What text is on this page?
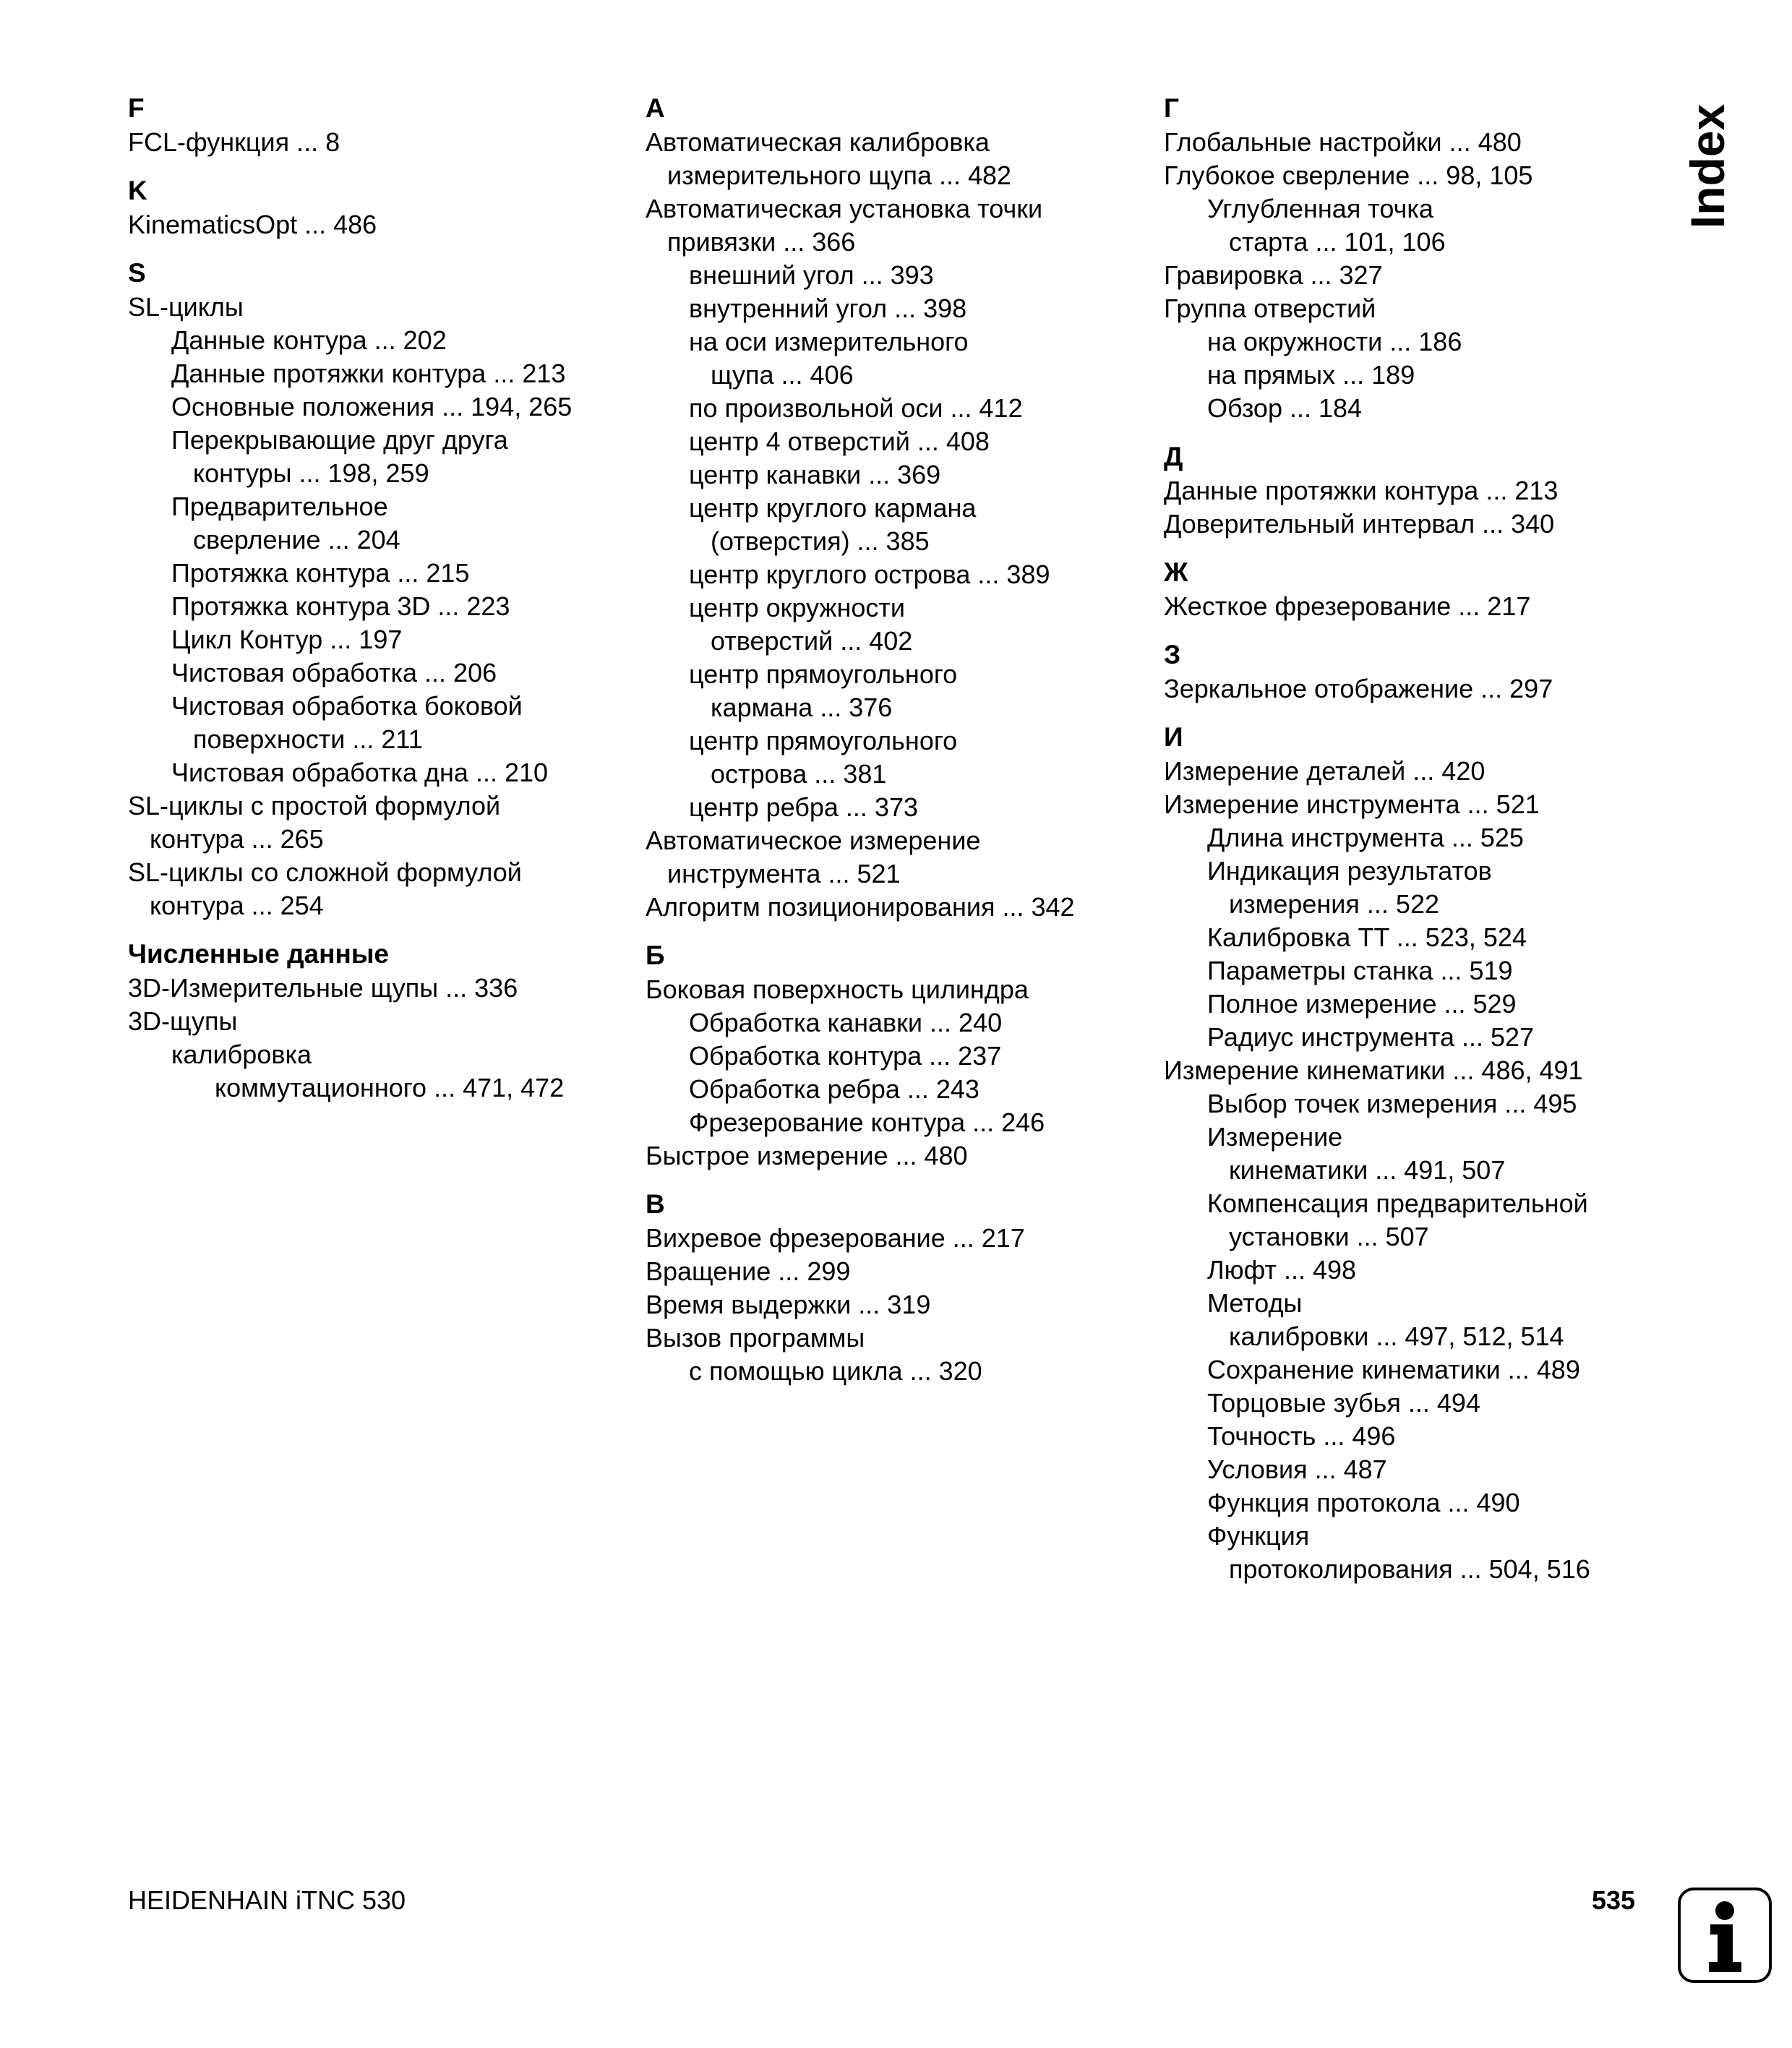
F
FCL-функция ... 8
K
KinematicsOpt ... 486
S
SL-циклы
Данные контура ... 202
Данные протяжки контура ... 213
Основные положения ... 194, 265
Перекрывающие друг друга
контуры ... 198, 259
Предварительное
сверление ... 204
Протяжка контура ... 215
Протяжка контура 3D ... 223
Цикл Контур ... 197
Чистовая обработка ... 206
Чистовая обработка боковой
поверхности ... 211
Чистовая обработка дна ... 210
SL-циклы с простой формулой
контура ... 265
SL-циклы со сложной формулой
контура ... 254
Численные данные
3D-Измерительные щупы ... 336
3D-щупы
калибровка
коммутационного ... 471, 472
A
Автоматическая калибровка
измерительного щупа ... 482
Автоматическая установка точки
привязки ... 366
внешний угол ... 393
внутренний угол ... 398
на оси измерительного
щупа ... 406
по произвольной оси ... 412
центр 4 отверстий ... 408
центр канавки ... 369
центр круглого кармана
(отверстия) ... 385
центр круглого острова ... 389
центр окружности
отверстий ... 402
центр прямоугольного
кармана ... 376
центр прямоугольного
острова ... 381
центр ребра ... 373
Автоматическое измерение
инструмента ... 521
Алгоритм позиционирования ... 342
Б
Боковая поверхность цилиндра
Обработка канавки ... 240
Обработка контура ... 237
Обработка ребра ... 243
Фрезерование контура ... 246
Быстрое измерение ... 480
В
Вихревое фрезерование ... 217
Вращение ... 299
Время выдержки ... 319
Вызов программы
с помощью цикла ... 320
Г
Глобальные настройки ... 480
Глубокое сверление ... 98, 105
Углубленная точка
старта ... 101, 106
Гравировка ... 327
Группа отверстий
на окружности ... 186
на прямых ... 189
Обзор ... 184
Д
Данные протяжки контура ... 213
Доверительный интервал ... 340
Ж
Жесткое фрезерование ... 217
З
Зеркальное отображение ... 297
И
Измерение деталей ... 420
Измерение инструмента ... 521
Длина инструмента ... 525
Индикация результатов
измерения ... 522
Калибровка TT ... 523, 524
Параметры станка ... 519
Полное измерение ... 529
Радиус инструмента ... 527
Измерение кинематики ... 486, 491
Выбор точек измерения ... 495
Измерение
кинематики ... 491, 507
Компенсация предварительной
установки ... 507
Люфт ... 498
Методы
калибровки ... 497, 512, 514
Сохранение кинематики ... 489
Торцовые зубья ... 494
Точность ... 496
Условия ... 487
Функция протокола ... 490
Функция
протоколирования ... 504, 516
Index
HEIDENHAIN iTNC 530	535
